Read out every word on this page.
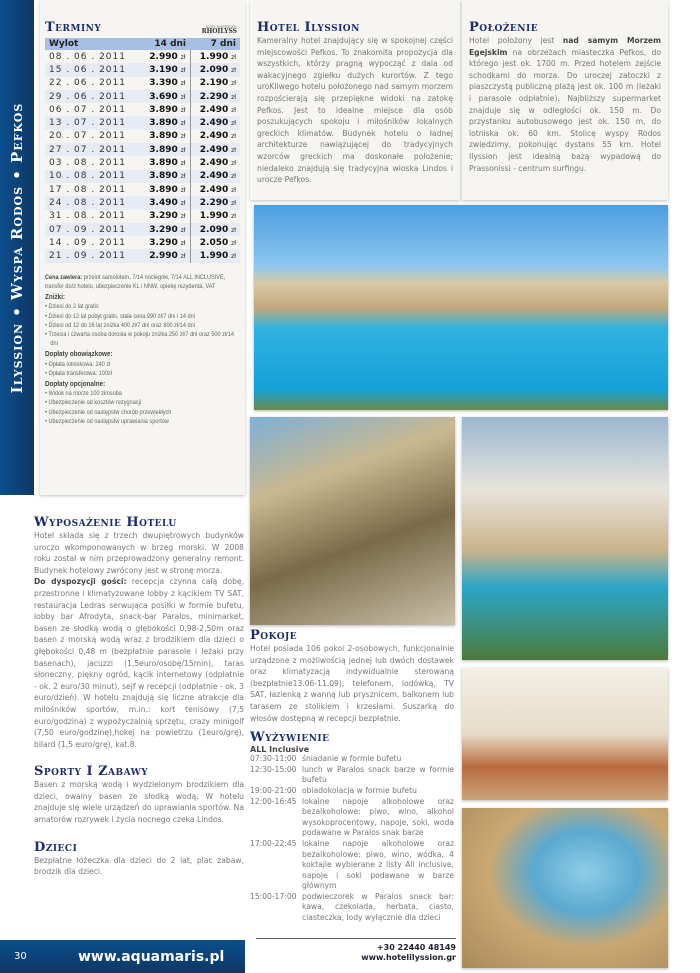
Ilyssion • Wyspa Rodos • Pefkos
Terminy	KOD IMPREZY:
RHOILYSS
Wylot	14 dni	7 dni
08 . 06 . 2011	2.990 zł	1.990 zł
15 . 06 . 2011	3.190 zł	2.090 zł
22 . 06 . 2011	3.390 zł	2.190 zł
29 . 06 . 2011	3.690 zł	2.290 zł
06 . 07 . 2011	3.890 zł	2.490 zł
13 . 07 . 2011	3.890 zł	2.490 zł
20 . 07 . 2011	3.890 zł	2.490 zł
27 . 07 . 2011	3.890 zł	2.490 zł
03 . 08 . 2011	3.890 zł	2.490 zł
10 . 08 . 2011	3.890 zł	2.490 zł
17 . 08 . 2011	3.890 zł	2.490 zł
24 . 08 . 2011	3.490 zł	2.290 zł
31 . 08 . 2011	3.290 zł	1.990 zł
07 . 09 . 2011	3.290 zł	2.090 zł
14 . 09 . 2011	3.290 zł	2.050 zł
21 . 09 . 2011	2.990 zł	1.990 zł
Cena zawiera: przelot samolotem, 7/14 noclegów, 7/14 ALL INCLUSIVE, transfer do/z hotelu, ubezpieczenie KL i NNW, opiekę rezydenta, VAT
Zniżki:
• Dzieci do 2 lat gratis
• Dzieci do 12 lat pobyt gratis, stała cena 990 zł/7 dni i 14 dni
• Dzieci od 12 do 16 lat zniżka 400 zł/7 dni oraz 800 zł/14 dni
• Trzecia i czwarta osoba dorosła w pokoju zniżka 250 zł/7 dni oraz 500 zł/14 dni
Dopłaty obowiązkowe:
• Opłata lotniskowa: 240 zł
• Opłata transferowa: 100zł
Dopłaty opcjonalne:
• Widok na morze 100 zł/osoba
• Ubezpieczenie od kosztów rezygnacji
• Ubezpieczenie od następstw chorób przewlekłych
• Ubezpieczenie od następstw uprawiania sportów
Hotel Ilyssion

Kameralny hotel znajdujący się w spokojnej części miejscowości Pefkos. To znakomita propozycja dla wszystkich, którzy pragną wypocząć z dala od wakacyjnego zgiełku dużych kurortów. Z tego uroKliwego hotelu położonego nad samym morzem rozpościerają się przepiękne widoki na zatokę Pefkos. Jest to idealne miejsce dla osób poszukujących spokoju i miłośników lokalnych greckich klimatów. Budynek hotelu o ładnej architekturze nawiązującej do tradycyjnych wzorców greckich ma doskonałe położenie; niedaleko znajdują się tradycyjna wioska Lindos i urocze Pefkos.

Położenie

Hotel położony jest nad samym Morzem Egejskim na obrzeżach miasteczka Pefkos, do którego jest ok. 1700 m. Przed hotelem zejście schodkami do morza. Do uroczej zatoczki z piaszczystą publiczną plażą jest ok. 100 m (leżaki i parasole odpłatnie). Najbliższy supermarket znajduje się w odległości ok. 150 m. Do przystanku autobusowego jest ok. 150 m, do lotniska ok. 60 km. Stolicę wyspy Rodos zwiedzimy, pokonując dystans 55 km. Hotel Ilyssion jest idealną bazą wypadową do Prassonissi - centrum surfingu.

Wyposażenie Hotelu

Hotel składa się z trzech dwupiętrowych budynków uroczo wkomponowanych w brzeg morski. W 2008 roku został w nim przeprowadzony generalny remont. Budynek hotelowy zwrócony jest w stronę morza.

Do dyspozycji gości: recepcja czynna całą dobę, przestronne i klimatyzowane lobby z kącikiem TV SAT, restauracja Ledras serwująca posiłki w formie bufetu, lobby bar Afrodyta, snack-bar Paralos, minimarket, basen ze słodką wodą o głębokości 0,98-2,50m oraz basen z morską wodą wraz z brodzikiem dla dzieci o głębokości 0,48 m (bezpłatnie parasole i leżaki przy basenach), jacuzzi (1,5euro/osobę/15min), taras słoneczny, piękny ogród, kącik internetowy (odpłatnie - ok. 2 euro/30 minut), sejf w recepcji (odpłatnie - ok. 3 euro/dzień). W hotelu znajdują się liczne atrakcje dla miłośników sportów, m.in.: kort tenisowy (7,5 euro/godzina) z wypożyczalnią sprzętu, crazy minigolf (7,50 euro/godzinę),hokej na powietrzu (1euro/grę), bilard (1,5 euro/grę), kat.8.

Sporty I Zabawy

Basen z morską wodą i wydzielonym brodzikiem dla dzieci, owalny basen ze słodką wodą. W hotelu znajduje się wiele urządzeń do uprawiania sportów. Na amatorów rozrywek i życia nocnego czeka Lindos.

Dzieci

Bezpłatne łóżeczka dla dzieci do 2 lat, plac zabaw, brodzik dla dzieci.

Pokoje

Hotel posiada 106 pokoi 2-osobowych, funkcjonalnie urządzone z możliwością jednej lub dwóch dostawek oraz klimatyzacją indywidualnie sterowaną (bezpłatnie13.06-11.09), telefonem, lodówką, TV SAT, łazienką z wanną lub prysznicem, balkonem lub tarasem ze stolikiem i krzesłami. Suszarką do włosów dostępną w recepcji bezpłatnie.

Wyżywienie
ALL Inclusive
07:30-11:00 śniadanie w formie bufetu
12:30-15:00 lunch w Paralos snack barze w formie bufetu
19:00-21:00 obiadokolacja w formie bufetu
12:00-16:45 lokalne napoje alkoholowe oraz bezalkoholowe: piwo, wino, alkohol wysokoprocentowy, napoje, soki, woda podawane w Paralos snak barze
17:00-22:45 lokalne napoje alkoholowe oraz bezalkoholowe: piwo, wino, wódka, 4 koktajle wybierane z listy All inclusive, napoje i soki podawane w barze głównym
15:00-17:00 podwieczorek w Paralos snack bar: kawa, czekolada, herbata, ciasto, ciasteczka, lody wyłącznie dla dzieci
30	www.aquamaris.pl
+30 22440 48149
www.hotelilyssion.gr
